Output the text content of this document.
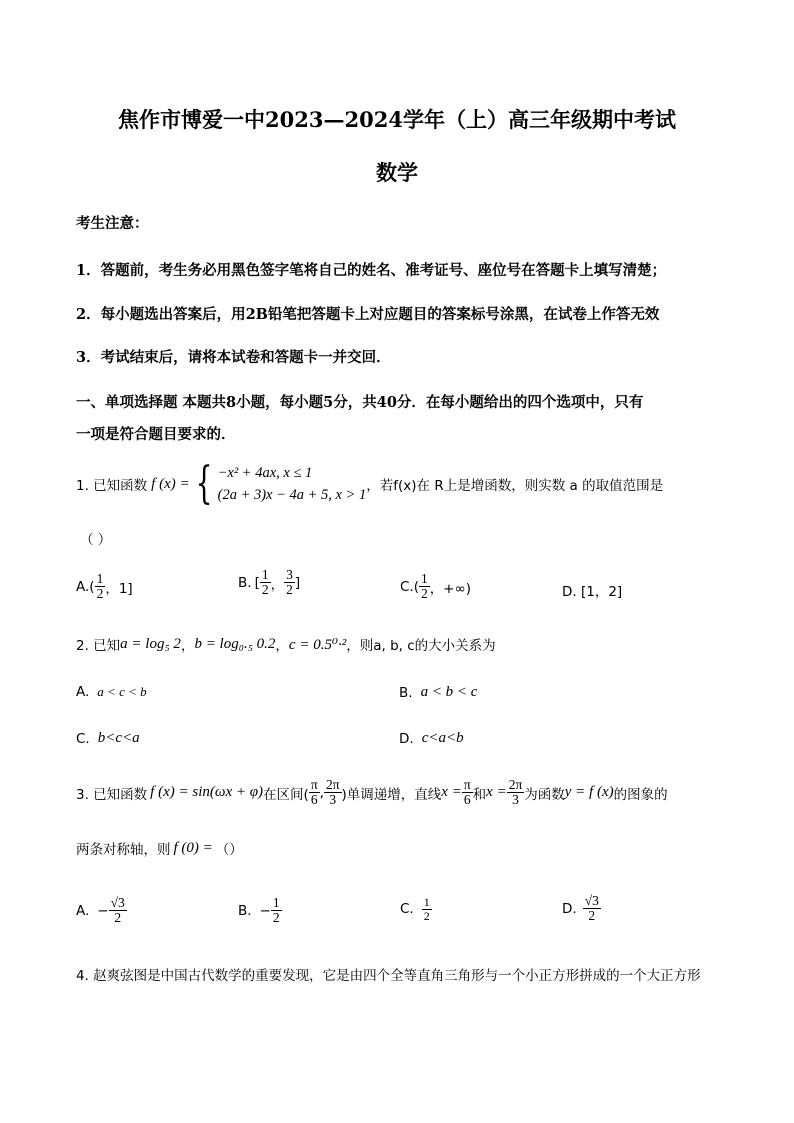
焦作市博爱一中2023—2024学年（上）高三年级期中考试
数学
考生注意：
1．答题前，考生务必用黑色签字笔将自己的姓名、准考证号、座位号在答题卡上填写清楚；
2．每小题选出答案后，用2B铅笔把答题卡上对应题目的答案标号涂黑，在试卷上作答无效
3．考试结束后，请将本试卷和答题卡一并交回．
一、单项选择题 本题共8小题，每小题5分，共40分．在每小题给出的四个选项中，只有
一项是符合题目要求的．
1. 已知函数 f (x) = { −x² + 4ax, x ≤ 1
(2a + 3)x − 4a + 5, x > 1
，若f(x)在 R上是增函数，则实数 a 的取值范围是
（ ）
A. ( $\frac{1}{2}$ ，1]	B. [ $\frac{1}{2}$ ， $\frac{3}{2}$ ]	C. ( $\frac{1}{2}$ ，+∞)	D. [1，2]
2. 已知 a = log₅ 2 ， b = log₀.₅ 0.2 ， c = 0.5⁰·² ，则a, b, c的大小关系为
A. a < c < b	B. a < b < c
C. b<c<a	D. c<a<b
3. 已知函数 f (x) = sin(ωx + φ) 在区间( $\frac{\pi}{6}$ , $\frac{2\pi}{3}$ )单调递增，直线 $x = \frac{\pi}{6}$ 和 $x = \frac{2\pi}{3}$ 为函数 y = f (x) 的图象的
两条对称轴，则 f (0) = （）
A. − $\frac{√3}{2}$	B. − $\frac{1}{2}$	C. $\frac{1}{2}$	D. $\frac{√3}{2}$
4. 赵爽弦图是中国古代数学的重要发现，它是由四个全等直角三角形与一个小正方形拼成的一个大正方形
